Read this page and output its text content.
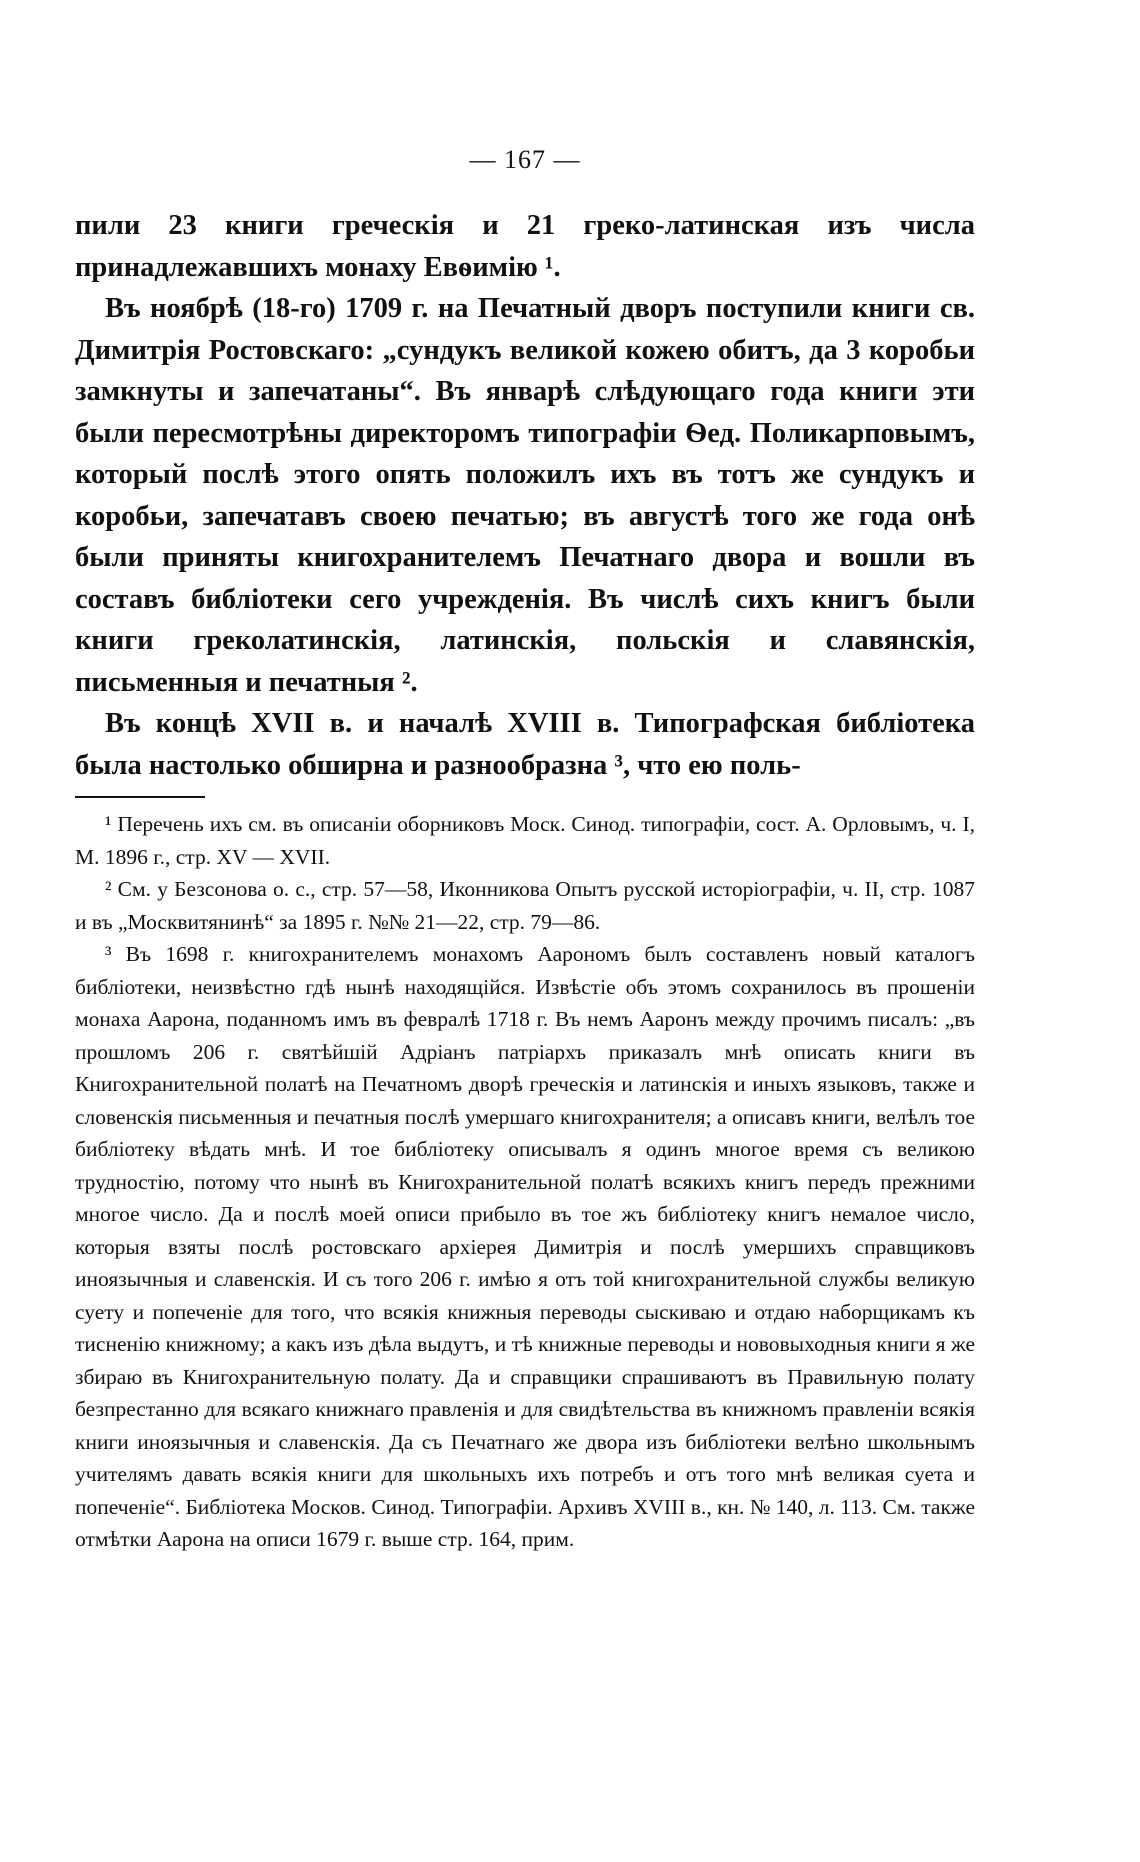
— 167 —

пили 23 книги греческія и 21 греко-латинская изъ числа принадлежавшихъ монаху Евѳимію ¹.

Въ ноябрѣ (18-го) 1709 г. на Печатный дворъ поступили книги св. Димитрія Ростовскаго: „сундукъ великой кожею обитъ, да 3 коробьи замкнуты и запечатаны“. Въ январѣ слѣдующаго года книги эти были пересмотрѣны директоромъ типографіи Ѳед. Поликарповымъ, который послѣ этого опять положилъ ихъ въ тотъ же сундукъ и коробьи, запечатавъ своею печатью; въ августѣ того же года онѣ были приняты книгохранителемъ Печатнаго двора и вошли въ составъ библіотеки сего учрежденія. Въ числѣ сихъ книгъ были книги греколатинскія, латинскія, польскія и славянскія, письменныя и печатныя ².

Въ концѣ XVII в. и началѣ XVIII в. Типографская библіотека была настолько обширна и разнообразна ³, что ею поль-

¹ Перечень ихъ см. въ описаніи оборниковъ Моск. Синод. типографіи, сост. А. Орловымъ, ч. I, М. 1896 г., стр. XV — XVII.

² См. у Безсонова о. с., стр. 57—58, Иконникова Опытъ русской исторіографіи, ч. II, стр. 1087 и въ „Москвитянинѣ“ за 1895 г. №№ 21—22, стр. 79—86.

³ Въ 1698 г. книгохранителемъ монахомъ Аарономъ былъ составленъ новый каталогъ библіотеки, неизвѣстно гдѣ нынѣ находящійся. Извѣстіе объ этомъ сохранилось въ прошеніи монаха Аарона, поданномъ имъ въ февралѣ 1718 г. Въ немъ Ааронъ между прочимъ писалъ: „въ прошломъ 206 г. святѣйшій Адріанъ патріархъ приказалъ мнѣ описать книги въ Книгохранительной полатѣ на Печатномъ дворѣ греческія и латинскія и иныхъ языковъ, также и словенскія письменныя и печатныя послѣ умершаго книгохранителя; а описавъ книги, велѣлъ тое библіотеку вѣдать мнѣ. И тое библіотеку описывалъ я одинъ многое время съ великою трудностію, потому что нынѣ въ Книгохранительной полатѣ всякихъ книгъ передъ прежними многое число. Да и послѣ моей описи прибыло въ тое жъ библіотеку книгъ немалое число, которыя взяты послѣ ростовскаго архіерея Димитрія и послѣ умершихъ справщиковъ иноязычныя и славенскія. И съ того 206 г. имѣю я отъ той книгохранительной службы великую суету и попеченіе для того, что всякія книжныя переводы сыскиваю и отдаю наборщикамъ къ тисненію книжному; а какъ изъ дѣла выдутъ, и тѣ книжные переводы и нововыходныя книги я же збираю въ Книгохранительную полату. Да и справщики спрашиваютъ въ Правильную полату безпрестанно для всякаго книжнаго правленія и для свидѣтельства въ книжномъ правленіи всякія книги иноязычныя и славенскія. Да съ Печатнаго же двора изъ библіотеки велѣно школьнымъ учителямъ давать всякія книги для школьныхъ ихъ потребъ и отъ того мнѣ великая суета и попеченіе“. Библіотека Москов. Синод. Типографіи. Архивъ XVIII в., кн. № 140, л. 113. См. также отмѣтки Аарона на описи 1679 г. выше стр. 164, прим.
